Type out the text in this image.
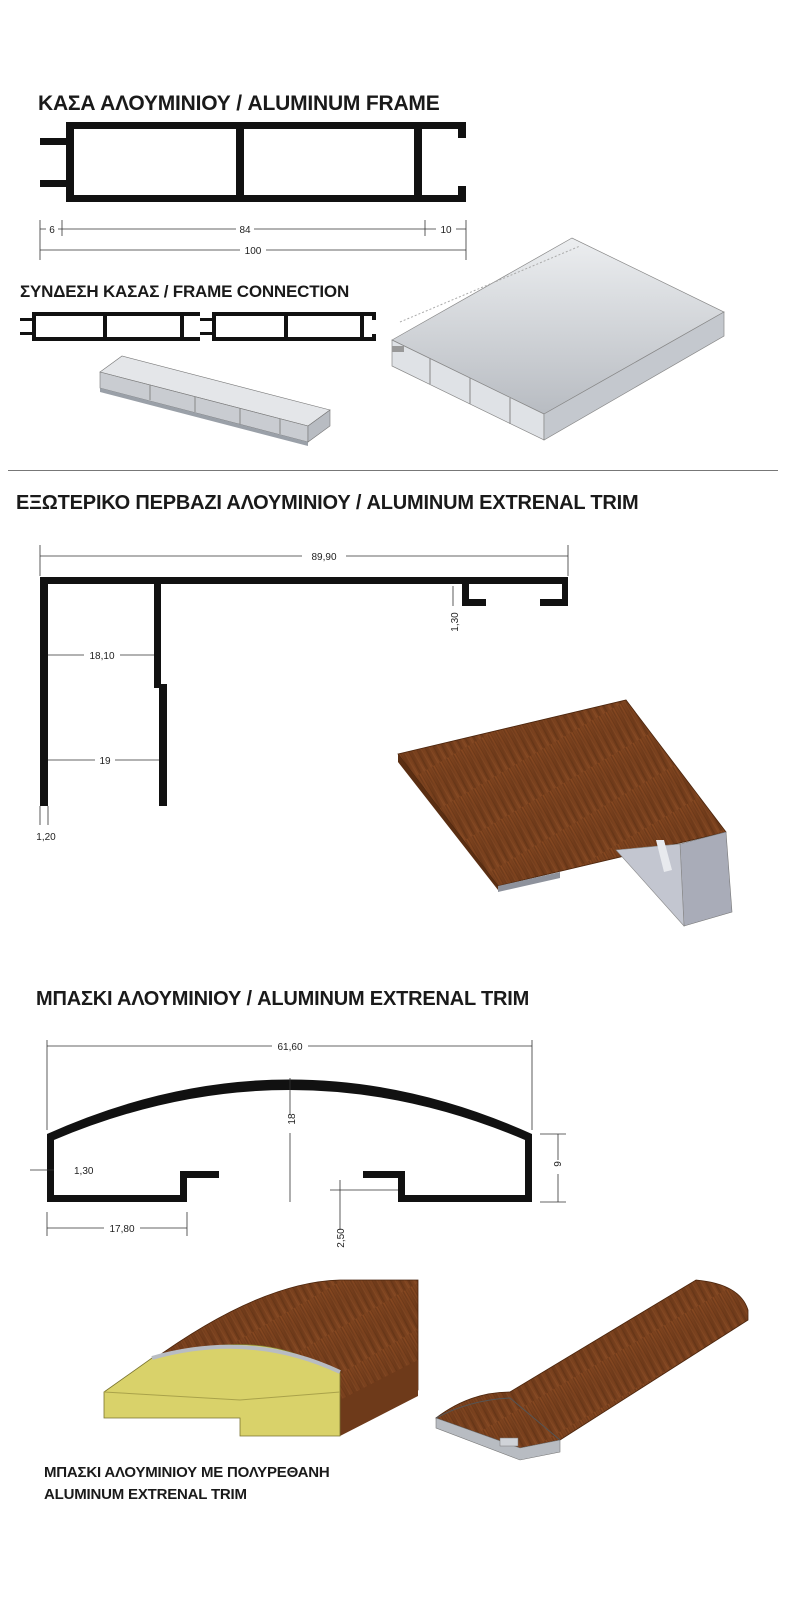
ΚΑΣΑ ΑΛΟΥΜΙΝΙΟΥ / ALUMINUM FRAME
ΣΥΝΔΕΣΗ ΚΑΣΑΣ / FRAME CONNECTION
ΕΞΩΤΕΡΙΚΟ ΠΕΡΒΑΖΙ ΑΛΟΥΜΙΝΙΟΥ / ALUMINUM EXTRENAL TRIM
ΜΠΑΣΚΙ ΑΛΟΥΜΙΝΙΟΥ / ALUMINUM EXTRENAL TRIM
ΜΠΑΣΚΙ ΑΛΟΥΜΙΝΙΟΥ ΜΕ ΠΟΛΥΡΕΘΑΝΗ
ALUMINUM EXTRENAL TRIM
6	84	10
100
89,90
1,30
18,10
19
1,20
61,60
18
9
1,30
17,80	2,50
